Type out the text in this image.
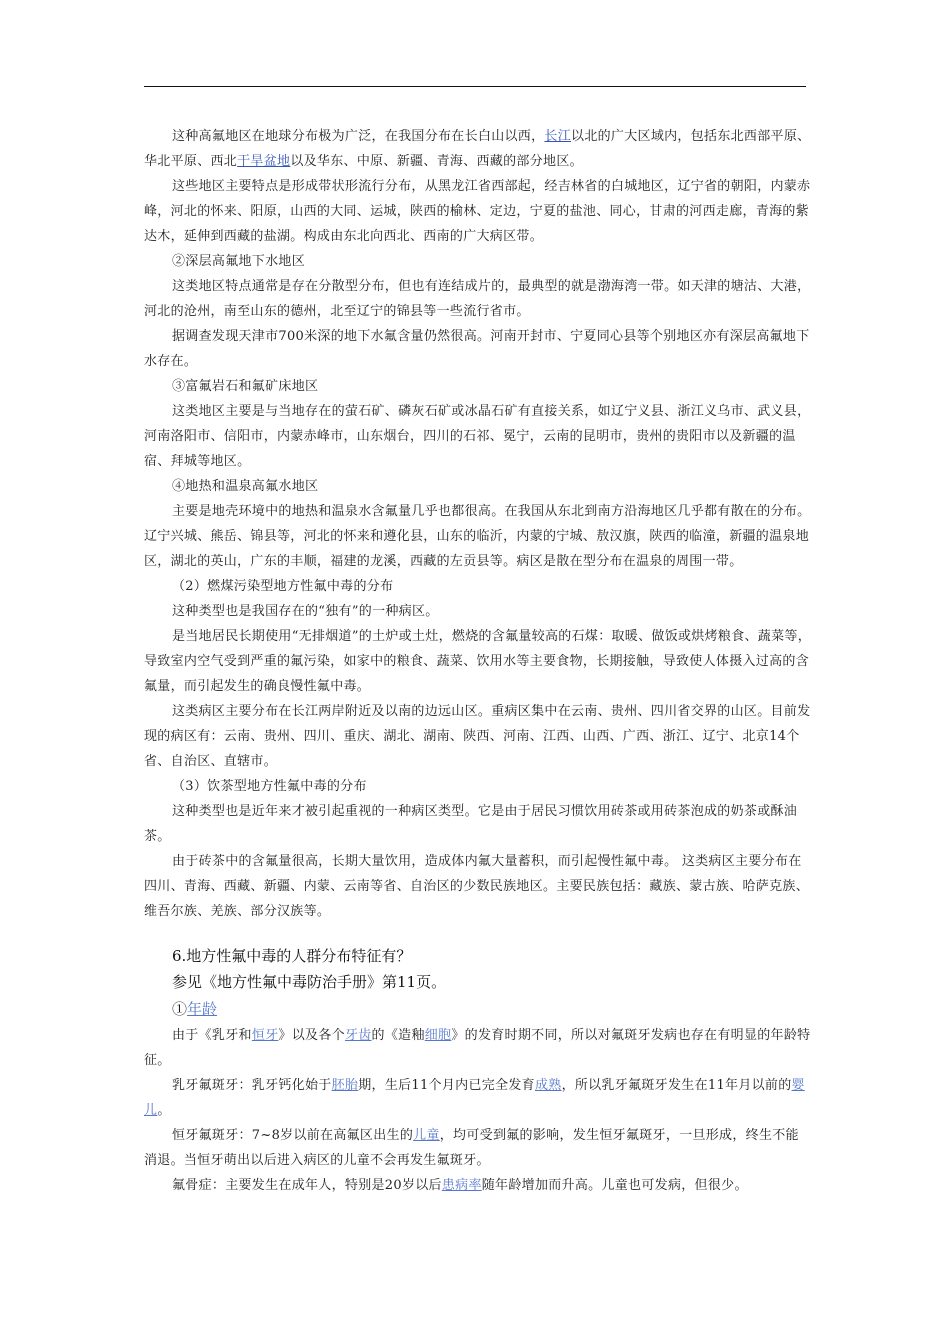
这种高氟地区在地球分布极为广泛，在我国分布在长白山以西，长江以北的广大区域内，包括东北西部平原、华北平原、西北干旱盆地以及华东、中原、新疆、青海、西藏的部分地区。

这些地区主要特点是形成带状形流行分布，从黑龙江省西部起，经吉林省的白城地区，辽宁省的朝阳，内蒙赤峰，河北的怀来、阳原，山西的大同、运城，陕西的榆林、定边，宁夏的盐池、同心，甘肃的河西走廊，青海的紫达木，延伸到西藏的盐湖。构成由东北向西北、西南的广大病区带。

②深层高氟地下水地区

这类地区特点通常是存在分散型分布，但也有连结成片的，最典型的就是渤海湾一带。如天津的塘沽、大港，河北的沧州，南至山东的德州，北至辽宁的锦县等一些流行省市。

据调查发现天津市700米深的地下水氟含量仍然很高。河南开封市、宁夏同心县等个别地区亦有深层高氟地下水存在。

③富氟岩石和氟矿床地区

这类地区主要是与当地存在的萤石矿、磷灰石矿或冰晶石矿有直接关系，如辽宁义县、浙江义乌市、武义县，河南洛阳市、信阳市，内蒙赤峰市，山东烟台，四川的石祁、冕宁，云南的昆明市，贵州的贵阳市以及新疆的温宿、拜城等地区。

④地热和温泉高氟水地区

主要是地壳环境中的地热和温泉水含氟量几乎也都很高。在我国从东北到南方沿海地区几乎都有散在的分布。辽宁兴城、熊岳、锦县等，河北的怀来和遵化县，山东的临沂，内蒙的宁城、敖汉旗，陕西的临潼，新疆的温泉地区，湖北的英山，广东的丰顺，福建的龙溪，西藏的左贡县等。病区是散在型分布在温泉的周围一带。

（2）燃煤污染型地方性氟中毒的分布

这种类型也是我国存在的“独有”的一种病区。

是当地居民长期使用“无排烟道”的土炉或土灶，燃烧的含氟量较高的石煤：取暖、做饭或烘烤粮食、蔬菜等，导致室内空气受到严重的氟污染，如家中的粮食、蔬菜、饮用水等主要食物，长期接触，导致使人体摄入过高的含氟量，而引起发生的确良慢性氟中毒。

这类病区主要分布在长江两岸附近及以南的边远山区。重病区集中在云南、贵州、四川省交界的山区。目前发现的病区有：云南、贵州、四川、重庆、湖北、湖南、陕西、河南、江西、山西、广西、浙江、辽宁、北京14个省、自治区、直辖市。

（3）饮茶型地方性氟中毒的分布

这种类型也是近年来才被引起重视的一种病区类型。它是由于居民习惯饮用砖茶或用砖茶泡成的奶茶或酥油茶。

由于砖茶中的含氟量很高，长期大量饮用，造成体内氟大量蓄积，而引起慢性氟中毒。 这类病区主要分布在四川、青海、西藏、新疆、内蒙、云南等省、自治区的少数民族地区。主要民族包括：藏族、蒙古族、哈萨克族、维吾尔族、羌族、部分汉族等。

6.地方性氟中毒的人群分布特征有？

参见《地方性氟中毒防治手册》第11页。

①年龄

由于《乳牙和恒牙》以及各个牙齿的《造釉细胞》的发育时期不同，所以对氟斑牙发病也存在有明显的年龄特征。

乳牙氟斑牙：乳牙钙化始于胚胎期，生后11个月内已完全发育成熟，所以乳牙氟斑牙发生在11年月以前的婴儿。

恒牙氟斑牙：7~8岁以前在高氟区出生的儿童，均可受到氟的影响，发生恒牙氟斑牙，一旦形成，终生不能消退。当恒牙萌出以后进入病区的儿童不会再发生氟斑牙。

氟骨症：主要发生在成年人，特别是20岁以后患病率随年龄增加而升高。儿童也可发病，但很少。
